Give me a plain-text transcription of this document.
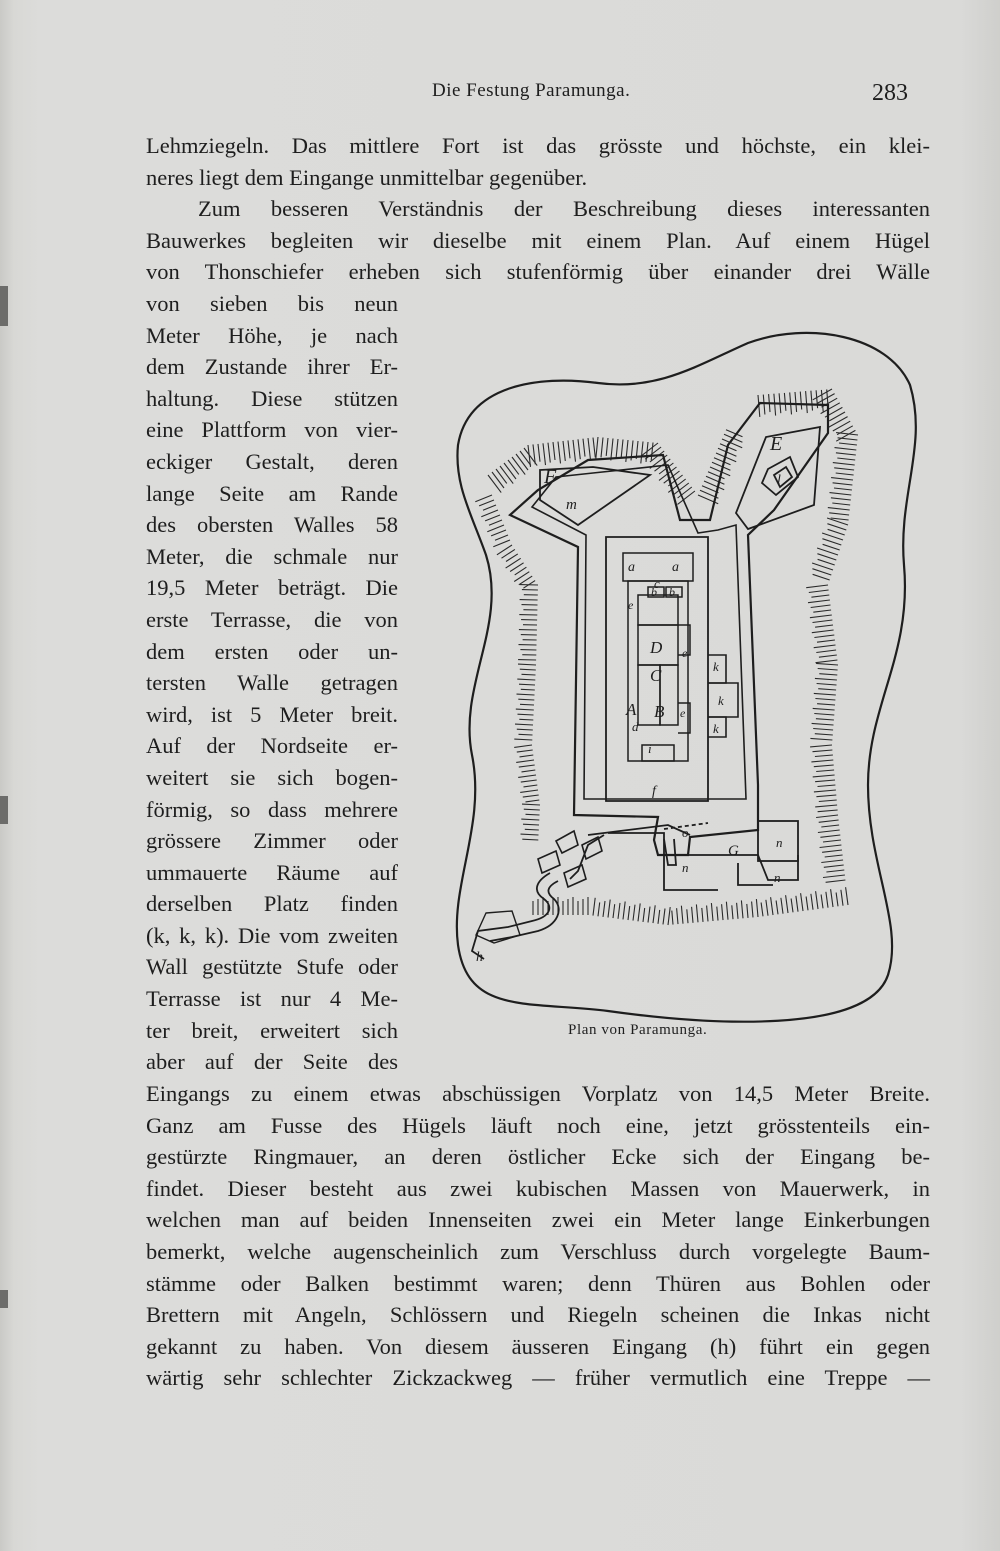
Die Festung Paramunga.	283
Lehmziegeln. Das mittlere Fort ist das grösste und höchste, ein klei-
neres liegt dem Eingange unmittelbar gegenüber.
Zum besseren Verständnis der Beschreibung dieses interessanten
Bauwerkes begleiten wir dieselbe mit einem Plan. Auf einem Hügel
von Thonschiefer erheben sich stufenförmig über einander drei Wälle
von sieben bis neun
Meter Höhe, je nach
dem Zustande ihrer Er-
haltung. Diese stützen
eine Plattform von vier-
eckiger Gestalt, deren
lange Seite am Rande
des obersten Walles 58
Meter, die schmale nur
19,5 Meter beträgt. Die
erste Terrasse, die von
dem ersten oder un-
tersten Walle getragen
wird, ist 5 Meter breit.
Auf der Nordseite er-
weitert sie sich bogen-
förmig, so dass mehrere
grössere Zimmer oder
ummauerte Räume auf
derselben Platz finden
(k, k, k). Die vom zweiten
Wall gestützte Stufe oder
Terrasse ist nur 4 Me-
ter breit, erweitert sich
aber auf der Seite des
E
l
F
m
a	a
c
b b
e
D e
C
A B e
d
i
k
k
k
f
o
G
n
n
n
h
Plan von Paramunga.
Eingangs zu einem etwas abschüssigen Vorplatz von 14,5 Meter Breite.
Ganz am Fusse des Hügels läuft noch eine, jetzt grösstenteils ein-
gestürzte Ringmauer, an deren östlicher Ecke sich der Eingang be-
findet. Dieser besteht aus zwei kubischen Massen von Mauerwerk, in
welchen man auf beiden Innenseiten zwei ein Meter lange Einkerbungen
bemerkt, welche augenscheinlich zum Verschluss durch vorgelegte Baum-
stämme oder Balken bestimmt waren; denn Thüren aus Bohlen oder
Brettern mit Angeln, Schlössern und Riegeln scheinen die Inkas nicht
gekannt zu haben. Von diesem äusseren Eingang (h) führt ein gegen
wärtig sehr schlechter Zickzackweg — früher vermutlich eine Treppe —
